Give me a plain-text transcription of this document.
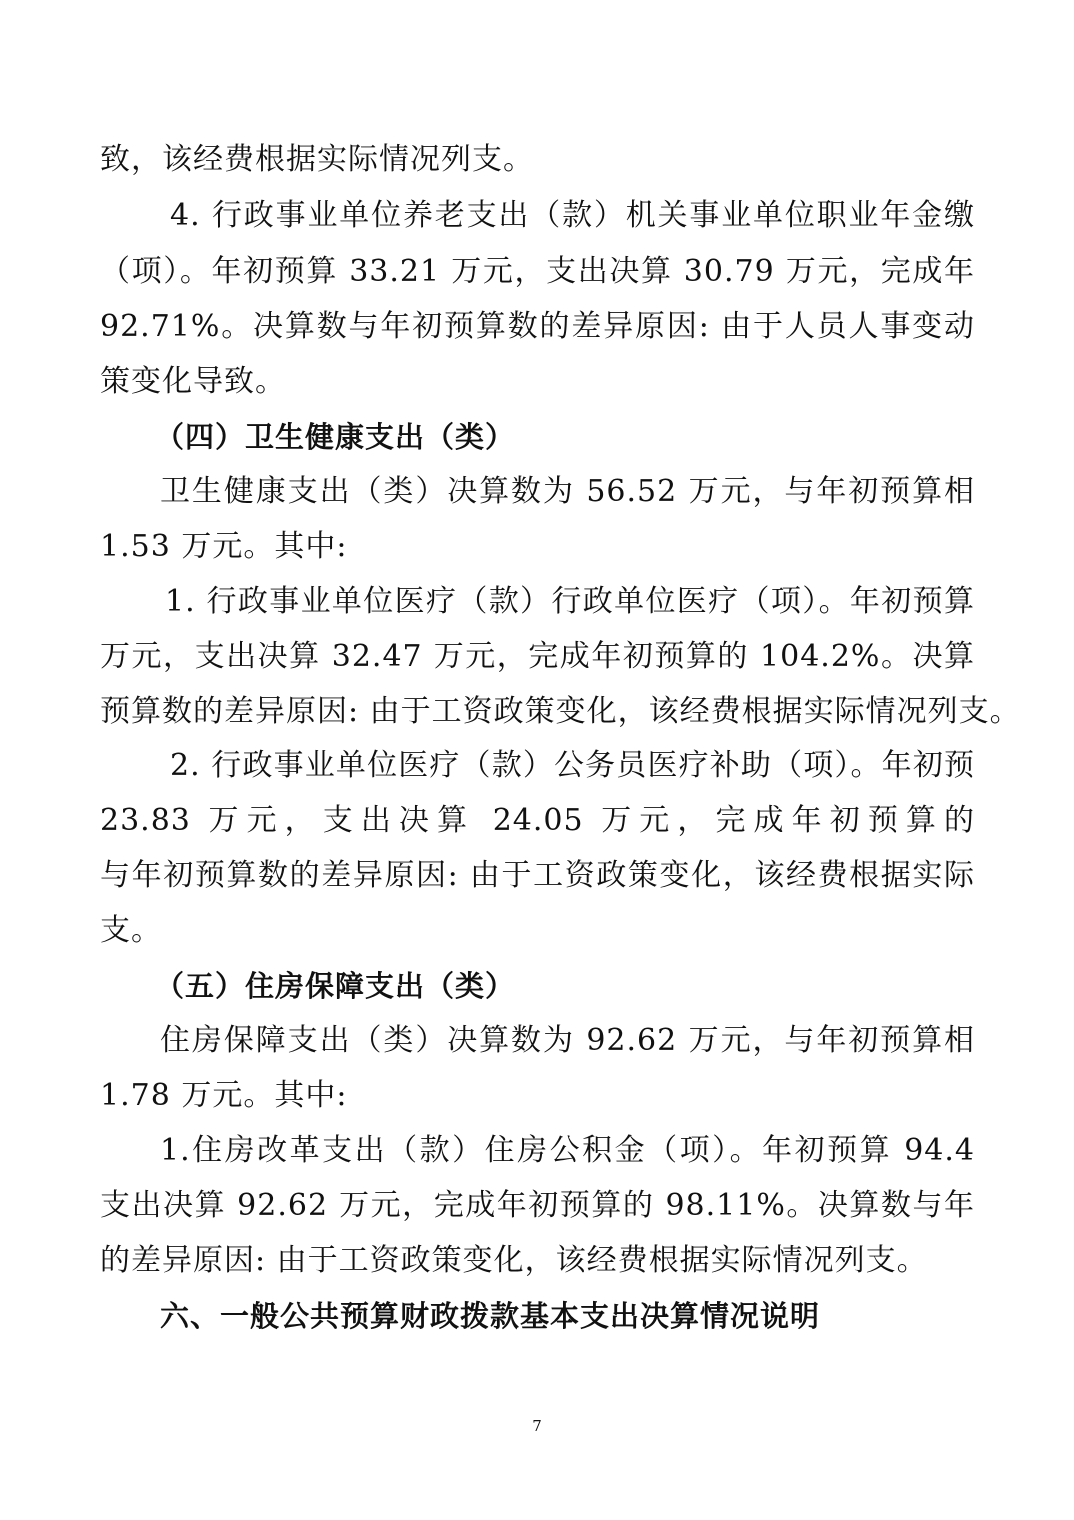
致，该经费根据实际情况列支。
4. 行政事业单位养老支出（款）机关事业单位职业年金缴
（项）。年初预算 33.21 万元，支出决算 30.79 万元，完成年
92.71%。决算数与年初预算数的差异原因: 由于人员人事变动
策变化导致。
（四）卫生健康支出（类）
卫生健康支出（类）决算数为 56.52 万元，与年初预算相
1.53 万元。其中:
1. 行政事业单位医疗（款）行政单位医疗（项）。年初预算
万元，支出决算 32.47 万元，完成年初预算的 104.2%。决算
预算数的差异原因: 由于工资政策变化，该经费根据实际情况列支。
2. 行政事业单位医疗（款）公务员医疗补助（项）。年初预
23.83 万元，支出决算 24.05 万元，完成年初预算的
与年初预算数的差异原因: 由于工资政策变化，该经费根据实际
支。
（五）住房保障支出（类）
住房保障支出（类）决算数为 92.62 万元，与年初预算相
1.78 万元。其中:
1.住房改革支出（款）住房公积金（项）。年初预算 94.4
支出决算 92.62 万元，完成年初预算的 98.11%。决算数与年
的差异原因: 由于工资政策变化，该经费根据实际情况列支。
六、一般公共预算财政拨款基本支出决算情况说明
7
